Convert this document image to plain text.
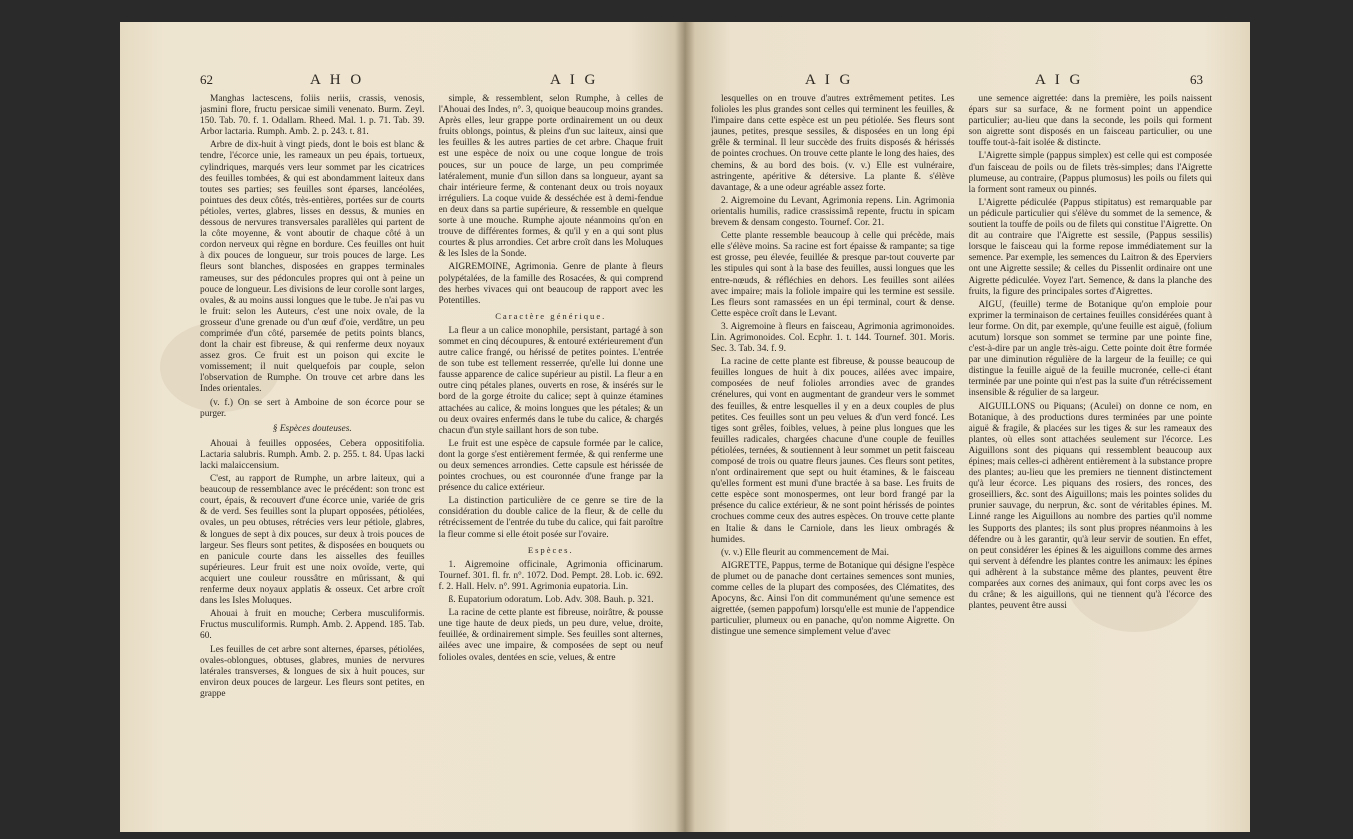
62	A H O	A I G

Manghas lactescens, foliis neriis, crassis, venosis, jasmini flore, fructu persicae simili venenato. Burm. Zeyl. 150. Tab. 70. f. 1. Odallam. Rheed. Mal. 1. p. 71. Tab. 39. Arbor lactaria. Rumph. Amb. 2. p. 243. t. 81.

Arbre de dix-huit à vingt pieds, dont le bois est blanc & tendre, l'écorce unie, les rameaux un peu épais, tortueux, cylindriques, marqués vers leur sommet par les cicatrices des feuilles tombées, & qui est abondamment laiteux dans toutes ses parties; ses feuilles sont éparses, lancéolées, pointues des deux côtés, très-entières, portées sur de courts pétioles, vertes, glabres, lisses en dessus, & munies en dessous de nervures transversales parallèles qui partent de la côte moyenne, & vont aboutir de chaque côté à un cordon nerveux qui règne en bordure. Ces feuilles ont huit à dix pouces de longueur, sur trois pouces de large. Les fleurs sont blanches, disposées en grappes terminales rameuses, sur des pédoncules propres qui ont à peine un pouce de longueur. Les divisions de leur corolle sont larges, ovales, & au moins aussi longues que le tube. Je n'ai pas vu le fruit: selon les Auteurs, c'est une noix ovale, de la grosseur d'une grenade ou d'un œuf d'oie, verdâtre, un peu comprimée d'un côté, parsemée de petits points blancs, dont la chair est fibreuse, & qui renferme deux noyaux assez gros. Ce fruit est un poison qui excite le vomissement; il nuit quelquefois par couple, selon l'observation de Rumphe. On trouve cet arbre dans les Indes orientales.

(v. f.) On se sert à Amboine de son écorce pour se purger.

§ Espèces douteuses.

Ahouai à feuilles opposées, Cebera oppositifolia. Lactaria salubris. Rumph. Amb. 2. p. 255. t. 84. Upas lacki lacki malaiccensium.

C'est, au rapport de Rumphe, un arbre laiteux, qui a beaucoup de ressemblance avec le précédent: son tronc est court, épais, & recouvert d'une écorce unie, variée de gris & de verd. Ses feuilles sont la plupart opposées, pétiolées, ovales, un peu obtuses, rétrécies vers leur pétiole, glabres, & longues de sept à dix pouces, sur deux à trois pouces de largeur. Ses fleurs sont petites, & disposées en bouquets ou en panicule courte dans les aisselles des feuilles supérieures. Leur fruit est une noix ovoïde, verte, qui acquiert une couleur roussâtre en mûrissant, & qui renferme deux noyaux applatis & osseux. Cet arbre croît dans les Isles Moluques.

Ahouai à fruit en mouche; Cerbera musculiformis. Fructus musculiformis. Rumph. Amb. 2. Append. 185. Tab. 60.

Les feuilles de cet arbre sont alternes, éparses, pétiolées, ovales-oblongues, obtuses, glabres, munies de nervures latérales transverses, & longues de six à huit pouces, sur environ deux pouces de largeur. Les fleurs sont petites, en grappe

simple, & ressemblent, selon Rumphe, à celles de l'Ahouai des Indes, n°. 3, quoique beaucoup moins grandes. Après elles, leur grappe porte ordinairement un ou deux fruits oblongs, pointus, & pleins d'un suc laiteux, ainsi que les feuilles & les autres parties de cet arbre. Chaque fruit est une espèce de noix ou une coque longue de trois pouces, sur un pouce de large, un peu comprimée latéralement, munie d'un sillon dans sa longueur, ayant sa chair intérieure ferme, & contenant deux ou trois noyaux irréguliers. La coque vuide & desséchée est à demi-fendue en deux dans sa partie supérieure, & ressemble en quelque sorte à une mouche. Rumphe ajoute néanmoins qu'on en trouve de différentes formes, & qu'il y en a qui sont plus courtes & plus arrondies. Cet arbre croît dans les Moluques & les Isles de la Sonde.

AIGREMOINE, Agrimonia. Genre de plante à fleurs polypétalées, de la famille des Rosacées, & qui comprend des herbes vivaces qui ont beaucoup de rapport avec les Potentilles.

Caractère générique.

La fleur a un calice monophile, persistant, partagé à son sommet en cinq découpures, & entouré extérieurement d'un autre calice frangé, ou hérissé de petites pointes. L'entrée de son tube est tellement resserrée, qu'elle lui donne une fausse apparence de calice supérieur au pistil. La fleur a en outre cinq pétales planes, ouverts en rose, & insérés sur le bord de la gorge étroite du calice; sept à quinze étamines attachées au calice, & moins longues que les pétales; & un ou deux ovaires enfermés dans le tube du calice, & chargés chacun d'un style saillant hors de son tube.

Le fruit est une espèce de capsule formée par le calice, dont la gorge s'est entièrement fermée, & qui renferme une ou deux semences arrondies. Cette capsule est hérissée de pointes crochues, ou est couronnée d'une frange par la présence du calice extérieur.

La distinction particulière de ce genre se tire de la considération du double calice de la fleur, & de celle du rétrécissement de l'entrée du tube du calice, qui fait paroître la fleur comme si elle étoit posée sur l'ovaire.

Espèces.

1. Aigremoine officinale, Agrimonia officinarum. Tournef. 301. fl. fr. n°. 1072. Dod. Pempt. 28. Lob. ic. 692. f. 2. Hall. Helv. n°. 991. Agrimonia eupatoria. Lin.

ß. Eupatorium odoratum. Lob. Adv. 308. Bauh. p. 321.

La racine de cette plante est fibreuse, noirâtre, & pousse une tige haute de deux pieds, un peu dure, velue, droite, feuillée, & ordinairement simple. Ses feuilles sont alternes, ailées avec une impaire, & composées de sept ou neuf folioles ovales, dentées en scie, velues, & entre

A I G	A I G	63

lesquelles on en trouve d'autres extrêmement petites. Les folioles les plus grandes sont celles qui terminent les feuilles, & l'impaire dans cette espèce est un peu pétiolée. Ses fleurs sont jaunes, petites, presque sessiles, & disposées en un long épi grêle & terminal. Il leur succède des fruits disposés & hérissés de pointes crochues. On trouve cette plante le long des haies, des chemins, & au bord des bois. (v. v.) Elle est vulnéraire, astringente, apéritive & détersive. La plante ß. s'élève davantage, & a une odeur agréable assez forte.

2. Aigremoine du Levant, Agrimonia repens. Lin. Agrimonia orientalis humilis, radice crassissimâ repente, fructu in spicam brevem & densam congesto. Tournef. Cor. 21.

Cette plante ressemble beaucoup à celle qui précède, mais elle s'élève moins. Sa racine est fort épaisse & rampante; sa tige est grosse, peu élevée, feuillée & presque par-tout couverte par les stipules qui sont à la base des feuilles, aussi longues que les entre-nœuds, & réfléchies en dehors. Les feuilles sont ailées avec impaire; mais la foliole impaire qui les termine est sessile. Les fleurs sont ramassées en un épi terminal, court & dense. Cette espèce croît dans le Levant.

3. Aigremoine à fleurs en faisceau, Agrimonia agrimonoides. Lin. Agrimonoides. Col. Ecphr. 1. t. 144. Tournef. 301. Moris. Sec. 3. Tab. 34. f. 9.

La racine de cette plante est fibreuse, & pousse beaucoup de feuilles longues de huit à dix pouces, ailées avec impaire, composées de neuf folioles arrondies avec de grandes crénelures, qui vont en augmentant de grandeur vers le sommet des feuilles, & entre lesquelles il y en a deux couples de plus petites. Ces feuilles sont un peu velues & d'un verd foncé. Les tiges sont grêles, foibles, velues, à peine plus longues que les feuilles radicales, chargées chacune d'une couple de feuilles pétiolées, ternées, & soutiennent à leur sommet un petit faisceau composé de trois ou quatre fleurs jaunes. Ces fleurs sont petites, n'ont ordinairement que sept ou huit étamines, & le faisceau qu'elles forment est muni d'une bractée à sa base. Les fruits de cette espèce sont monospermes, ont leur bord frangé par la présence du calice extérieur, & ne sont point hérissés de pointes crochues comme ceux des autres espèces. On trouve cette plante en Italie & dans le Carniole, dans les lieux ombragés & humides.

(v. v.) Elle fleurit au commencement de Mai.

AIGRETTE, Pappus, terme de Botanique qui désigne l'espèce de plumet ou de panache dont certaines semences sont munies, comme celles de la plupart des composées, des Clématites, des Apocyns, &c. Ainsi l'on dit communément qu'une semence est aigrettée, (semen pappofum) lorsqu'elle est munie de l'appendice particulier, plumeux ou en panache, qu'on nomme Aigrette. On distingue une semence simplement velue d'avec

une semence aigrettée: dans la première, les poils naissent épars sur sa surface, & ne forment point un appendice particulier; au-lieu que dans la seconde, les poils qui forment son aigrette sont disposés en un faisceau particulier, ou une touffe tout-à-fait isolée & distincte.

L'Aigrette simple (pappus simplex) est celle qui est composée d'un faisceau de poils ou de filets très-simples; dans l'Aigrette plumeuse, au contraire, (Pappus plumosus) les poils ou filets qui la forment sont rameux ou pinnés.

L'Aigrette pédiculée (Pappus stipitatus) est remarquable par un pédicule particulier qui s'élève du sommet de la semence, & soutient la touffe de poils ou de filets qui constitue l'Aigrette. On dit au contraire que l'Aigrette est sessile, (Pappus sessilis) lorsque le faisceau qui la forme repose immédiatement sur la semence. Par exemple, les semences du Laitron & des Eperviers ont une Aigrette sessile; & celles du Pissenlit ordinaire ont une Aigrette pédiculée. Voyez l'art. Semence, & dans la planche des fruits, la figure des principales sortes d'Aigrettes.

AIGU, (feuille) terme de Botanique qu'on emploie pour exprimer la terminaison de certaines feuilles considérées quant à leur forme. On dit, par exemple, qu'une feuille est aiguë, (folium acutum) lorsque son sommet se termine par une pointe fine, c'est-à-dire par un angle très-aigu. Cette pointe doit être formée par une diminution régulière de la largeur de la feuille; ce qui distingue la feuille aiguë de la feuille mucronée, celle-ci étant terminée par une pointe qui n'est pas la suite d'un rétrécissement insensible & régulier de sa largeur.

AIGUILLONS ou Piquans; (Aculei) on donne ce nom, en Botanique, à des productions dures terminées par une pointe aiguë & fragile, & placées sur les tiges & sur les rameaux des plantes, où elles sont attachées seulement sur l'écorce. Les Aiguillons sont des piquans qui ressemblent beaucoup aux épines; mais celles-ci adhèrent entièrement à la substance propre des plantes; au-lieu que les premiers ne tiennent distinctement qu'à leur écorce. Les piquans des rosiers, des ronces, des groseilliers, &c. sont des Aiguillons; mais les pointes solides du prunier sauvage, du nerprun, &c. sont de véritables épines. M. Linné range les Aiguillons au nombre des parties qu'il nomme les Supports des plantes; ils sont plus propres néanmoins à les défendre ou à les garantir, qu'à leur servir de soutien. En effet, on peut considérer les épines & les aiguillons comme des armes qui servent à défendre les plantes contre les animaux: les épines qui adhèrent à la substance même des plantes, peuvent être comparées aux cornes des animaux, qui font corps avec les os du crâne; & les aiguillons, qui ne tiennent qu'à l'écorce des plantes, peuvent être aussi
